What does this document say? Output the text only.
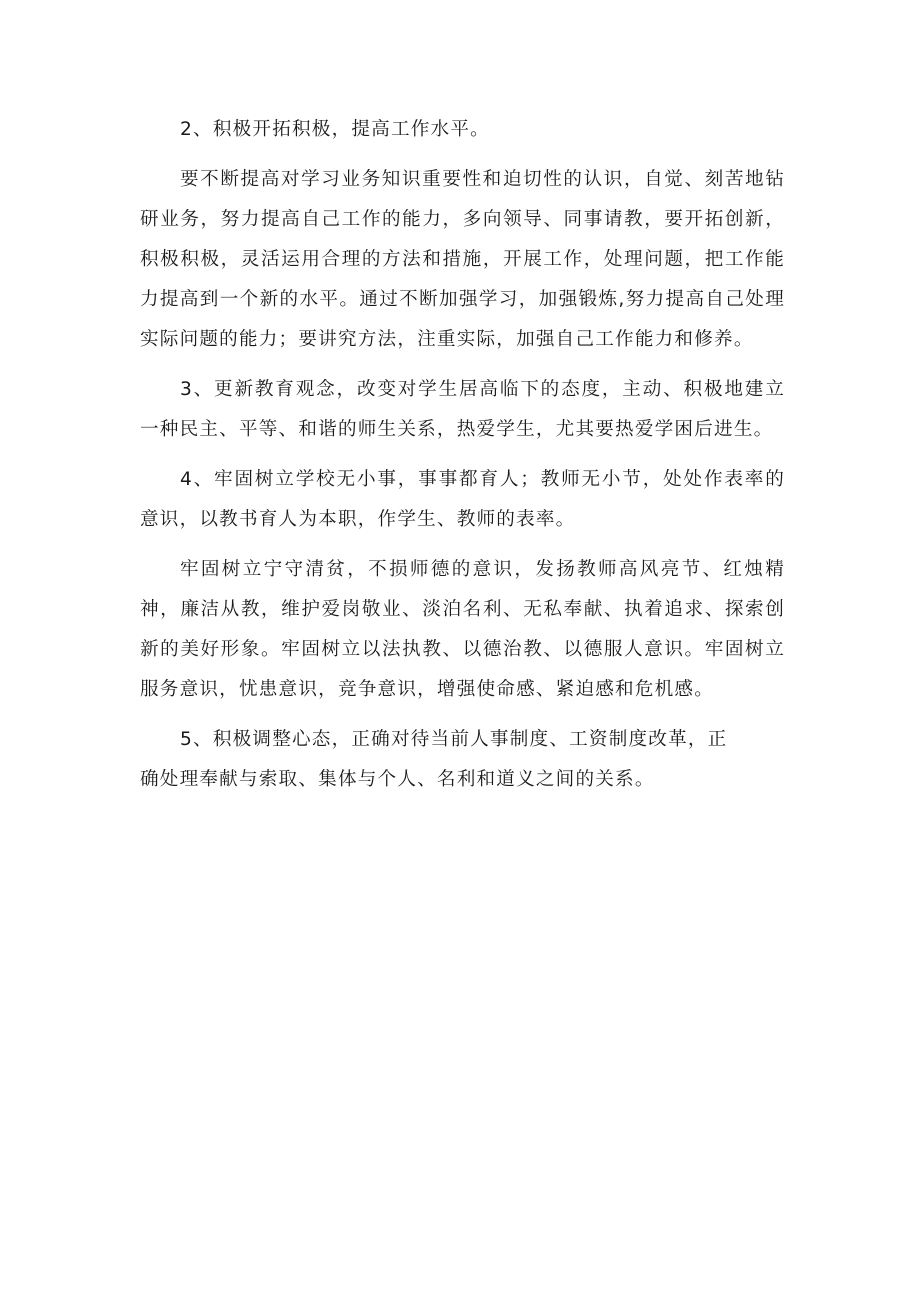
2、积极开拓积极，提高工作水平。

要不断提高对学习业务知识重要性和迫切性的认识，自觉、刻苦地钻研业务，努力提高自己工作的能力，多向领导、同事请教，要开拓创新，积极积极，灵活运用合理的方法和措施，开展工作，处理问题，把工作能力提高到一个新的水平。通过不断加强学习，加强锻炼,努力提高自己处理实际问题的能力；要讲究方法，注重实际，加强自己工作能力和修养。

3、更新教育观念，改变对学生居高临下的态度，主动、积极地建立一种民主、平等、和谐的师生关系，热爱学生，尤其要热爱学困后进生。

4、牢固树立学校无小事，事事都育人；教师无小节，处处作表率的意识，以教书育人为本职，作学生、教师的表率。

牢固树立宁守清贫，不损师德的意识，发扬教师高风亮节、红烛精神，廉洁从教，维护爱岗敬业、淡泊名利、无私奉献、执着追求、探索创新的美好形象。牢固树立以法执教、以德治教、以德服人意识。牢固树立服务意识，忧患意识，竞争意识，增强使命感、紧迫感和危机感。

5、积极调整心态，正确对待当前人事制度、工资制度改革，正

确处理奉献与索取、集体与个人、名利和道义之间的关系。
